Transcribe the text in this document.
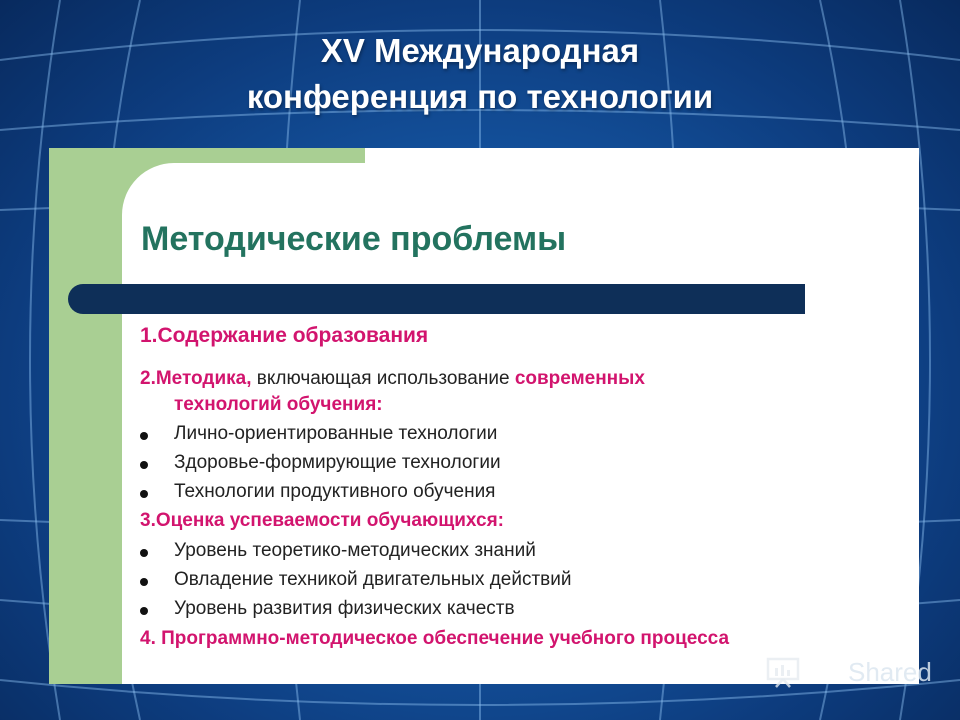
XV Международная
конференция по технологии
Методические проблемы
1.Содержание образования
2.Методика, включающая использование современных
технологий обучения:
Лично-ориентированные технологии
Здоровье-формирующие технологии
Технологии продуктивного обучения
3.Оценка успеваемости обучающихся:
Уровень теоретико-методических знаний
Овладение техникой двигательных действий
Уровень развития физических качеств
4. Программно-методическое обеспечение учебного процесса
Shared
